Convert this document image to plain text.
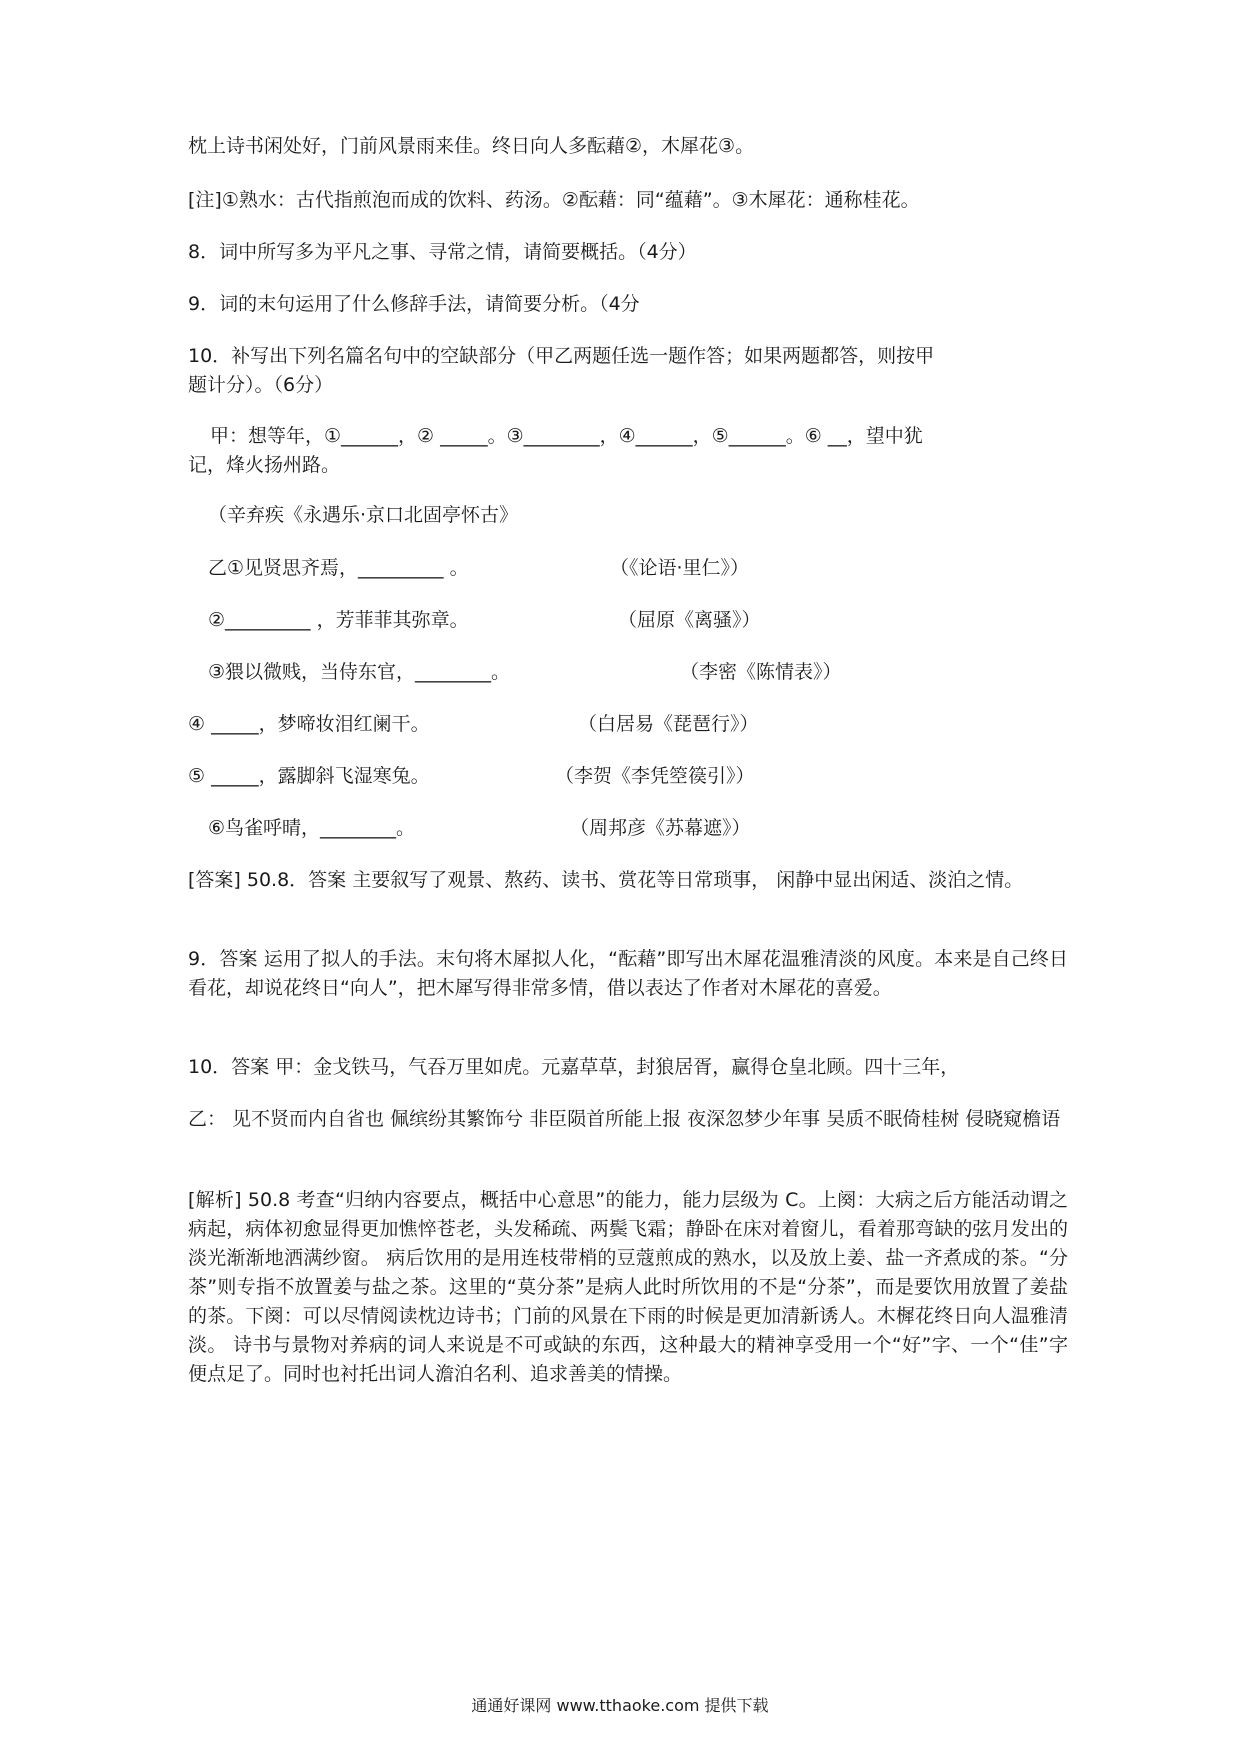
枕上诗书闲处好，门前风景雨来佳。终日向人多酝藉②，木犀花③。
[注]①熟水：古代指煎泡而成的饮料、药汤。②酝藉：同“蕴藉”。③木犀花：通称桂花。
8．词中所写多为平凡之事、寻常之情，请简要概括。（4分）
9．词的末句运用了什么修辞手法，请简要分析。（4分
10．补写出下列名篇名句中的空缺部分（甲乙两题任选一题作答；如果两题都答，则按甲
题计分）。（6分）
甲：想等年，①______，② _____。③________，④______，⑤______。⑥ __，望中犹
记，烽火扬州路。
（辛弃疾《永遇乐·京口北固亭怀古》
乙①见贤思齐焉，_________ 。	（《论语·里仁》）
②_________ ，芳菲菲其弥章。	（屈原《离骚》）
③猥以微贱，当侍东官，________。	（李密《陈情表》）
④ _____，梦啼妆泪红阑干。	（白居易《琵琶行》）
⑤ _____，露脚斜飞湿寒兔。	（李贺《李凭箜篌引》）
⑥鸟雀呼晴，________。	（周邦彦《苏幕遮》）
[答案] 50.8．答案 主要叙写了观景、熬药、读书、赏花等日常琐事， 闲静中显出闲适、淡泊之情。
9．答案 运用了拟人的手法。末句将木犀拟人化，“酝藉”即写出木犀花温雅清淡的风度。本来是自己终日看花，却说花终日“向人”，把木犀写得非常多情，借以表达了作者对木犀花的喜爱。
10．答案 甲：金戈铁马，气吞万里如虎。元嘉草草，封狼居胥，赢得仓皇北顾。四十三年，
乙： 见不贤而内自省也 佩缤纷其繁饰兮 非臣陨首所能上报 夜深忽梦少年事 吴质不眠倚桂树 侵晓窥檐语
[解析] 50.8 考查“归纳内容要点，概括中心意思”的能力，能力层级为 C。上阕：大病之后方能活动谓之病起，病体初愈显得更加憔悴苍老，头发稀疏、两鬓飞霜；静卧在床对着窗儿，看着那弯缺的弦月发出的淡光渐渐地洒满纱窗。 病后饮用的是用连枝带梢的豆蔻煎成的熟水，以及放上姜、盐一齐煮成的茶。“分茶”则专指不放置姜与盐之茶。这里的“莫分茶”是病人此时所饮用的不是“分茶”，而是要饮用放置了姜盐的茶。下阕：可以尽情阅读枕边诗书；门前的风景在下雨的时候是更加清新诱人。木樨花终日向人温雅清淡。 诗书与景物对养病的词人来说是不可或缺的东西，这种最大的精神享受用一个“好”字、一个“佳”字便点足了。同时也衬托出词人澹泊名利、追求善美的情操。
通通好课网 www.tthaoke.com 提供下载
